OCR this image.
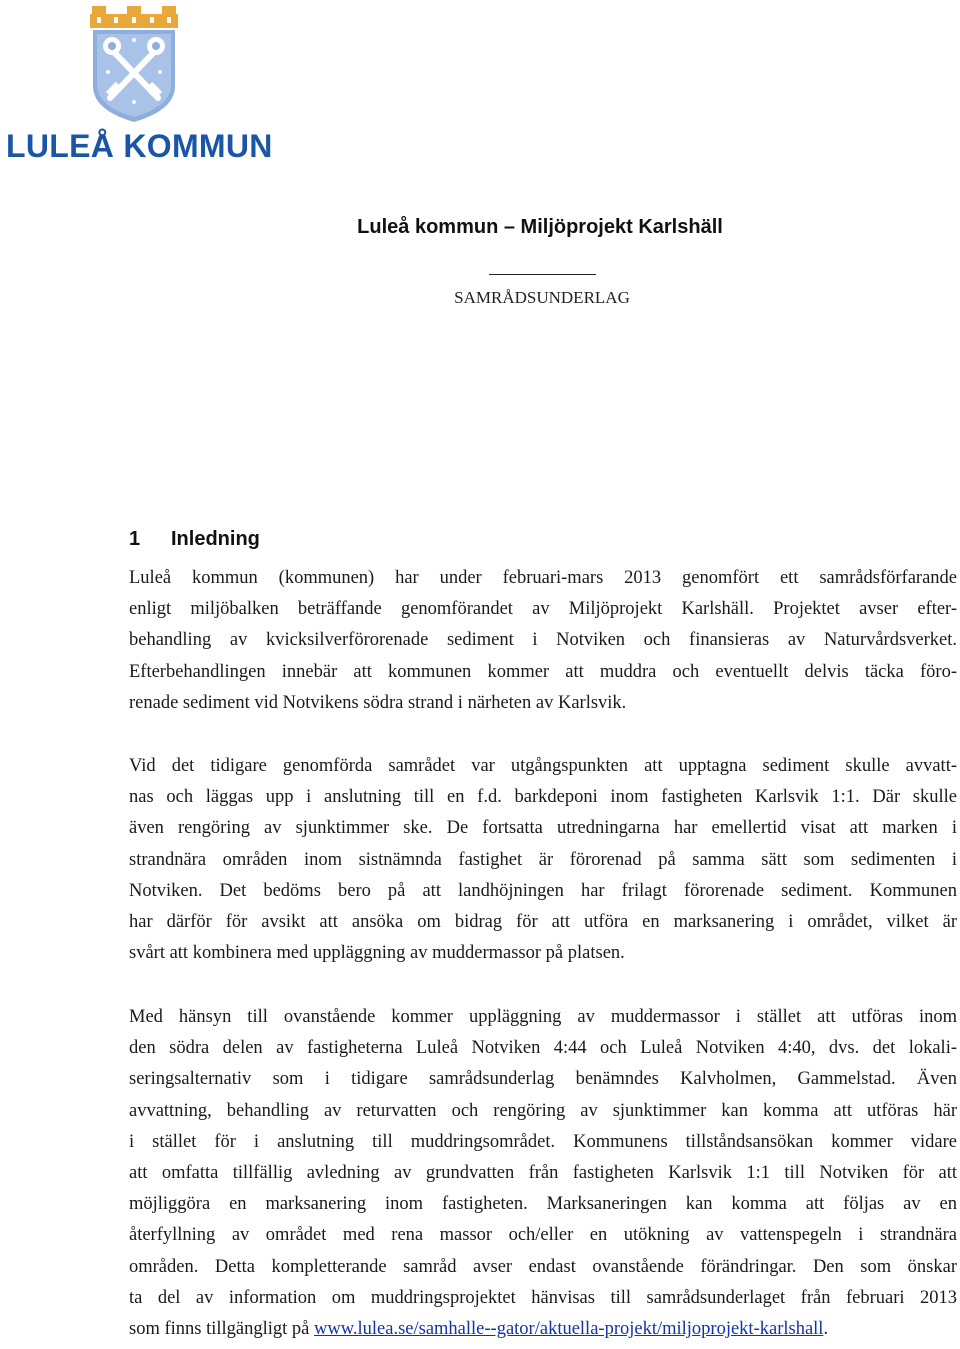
LULEÅ KOMMUN
Luleå kommun – Miljöprojekt Karlshäll
SAMRÅDSUNDERLAG
1 Inledning
Luleå kommun (kommunen) har under februari-mars 2013 genomfört ett samrådsförfarande
enligt miljöbalken beträffande genomförandet av Miljöprojekt Karlshäll. Projektet avser efter-
behandling av kvicksilverförorenade sediment i Notviken och finansieras av Naturvårdsverket.
Efterbehandlingen innebär att kommunen kommer att muddra och eventuellt delvis täcka föro-
renade sediment vid Notvikens södra strand i närheten av Karlsvik.
Vid det tidigare genomförda samrådet var utgångspunkten att upptagna sediment skulle avvatt-
nas och läggas upp i anslutning till en f.d. barkdeponi inom fastigheten Karlsvik 1:1. Där skulle
även rengöring av sjunktimmer ske. De fortsatta utredningarna har emellertid visat att marken i
strandnära områden inom sistnämnda fastighet är förorenad på samma sätt som sedimenten i
Notviken. Det bedöms bero på att landhöjningen har frilagt förorenade sediment. Kommunen
har därför för avsikt att ansöka om bidrag för att utföra en marksanering i området, vilket är
svårt att kombinera med uppläggning av muddermassor på platsen.
Med hänsyn till ovanstående kommer uppläggning av muddermassor i stället att utföras inom
den södra delen av fastigheterna Luleå Notviken 4:44 och Luleå Notviken 4:40, dvs. det lokali-
seringsalternativ som i tidigare samrådsunderlag benämndes Kalvholmen, Gammelstad. Även
avvattning, behandling av returvatten och rengöring av sjunktimmer kan komma att utföras här
i stället för i anslutning till muddringsområdet. Kommunens tillståndsansökan kommer vidare
att omfatta tillfällig avledning av grundvatten från fastigheten Karlsvik 1:1 till Notviken för att
möjliggöra en marksanering inom fastigheten. Marksaneringen kan komma att följas av en
återfyllning av området med rena massor och/eller en utökning av vattenspegeln i strandnära
områden. Detta kompletterande samråd avser endast ovanstående förändringar. Den som önskar
ta del av information om muddringsprojektet hänvisas till samrådsunderlaget från februari 2013
som finns tillgängligt på www.lulea.se/samhalle--gator/aktuella-projekt/miljoprojekt-karlshall.
